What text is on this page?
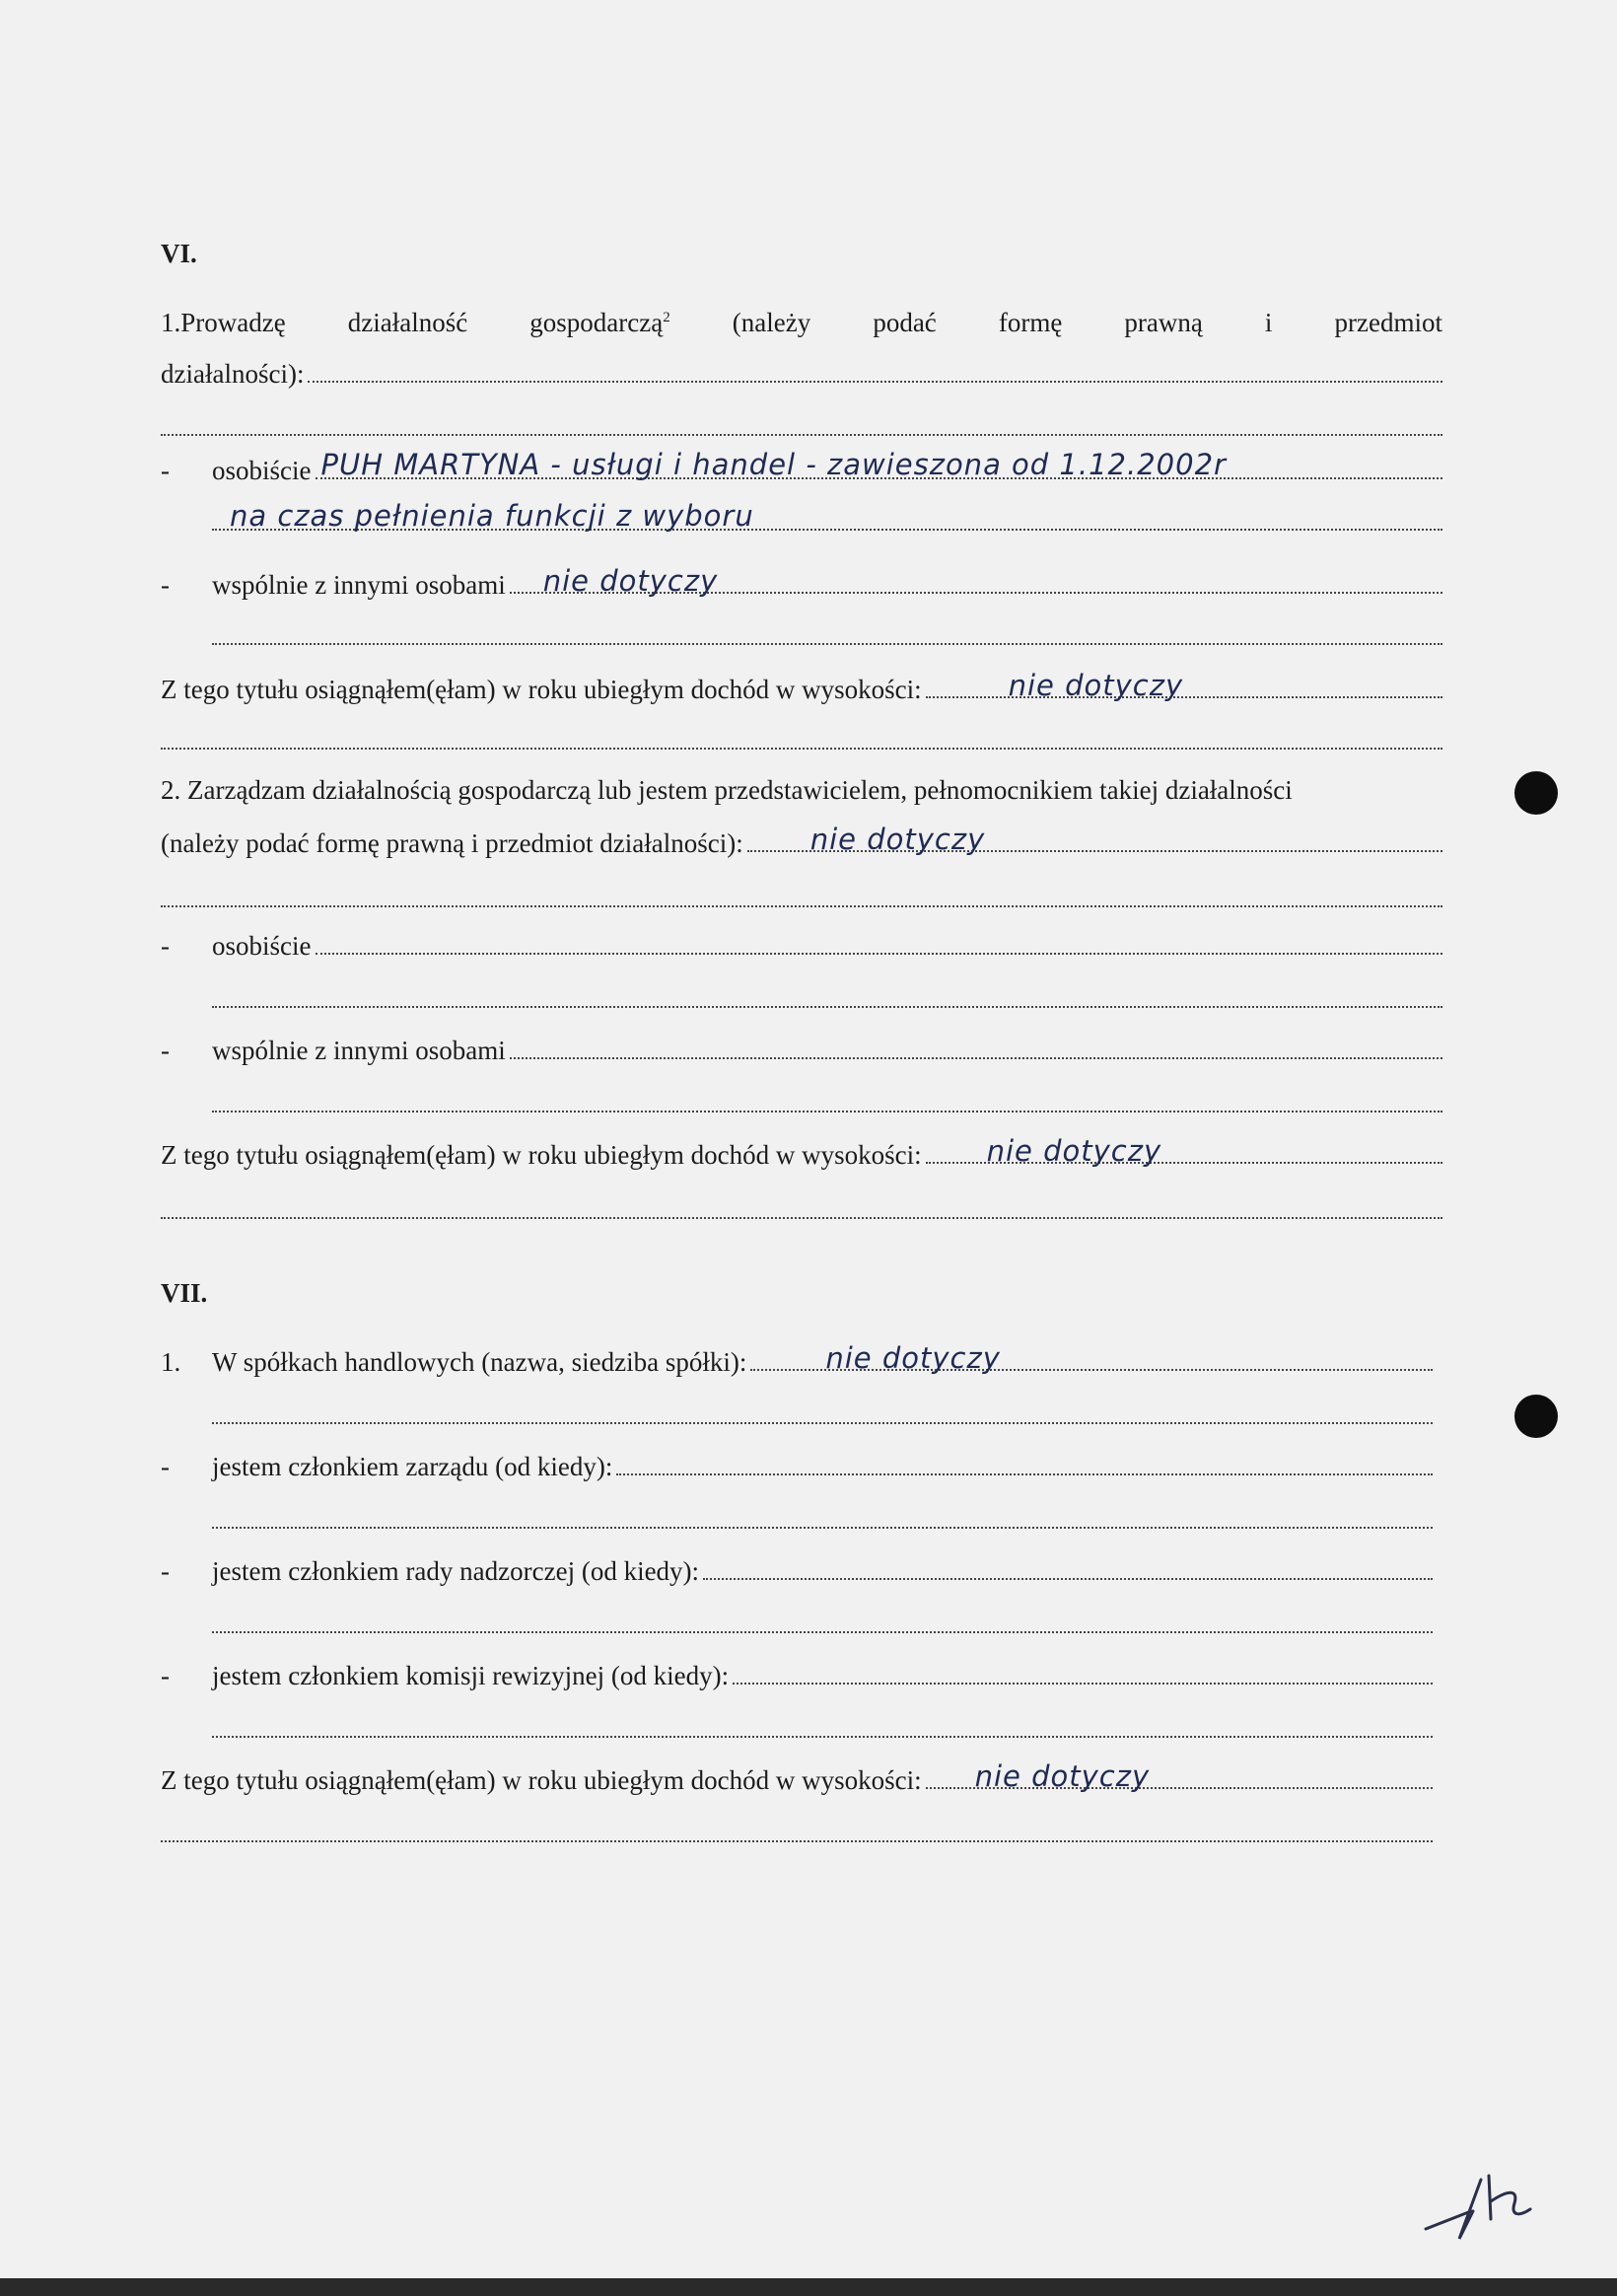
VI.
1.Prowadzę działalność gospodarczą$^2$ (należy podać formę prawną i przedmiot
działalności):
-	osobiście PUH MARTYNA - usługi i handel - zawieszona od 1.12.2002r
na czas pełnienia funkcji z wyboru
-	wspólnie z innymi osobami nie dotyczy
Z tego tytułu osiągnąłem(ęłam) w roku ubiegłym dochód w wysokości:	nie dotyczy
2. Zarządzam działalnością gospodarczą lub jestem przedstawicielem, pełnomocnikiem takiej działalności
(należy podać formę prawną i przedmiot działalności): nie dotyczy
-	osobiście
-	wspólnie z innymi osobami
Z tego tytułu osiągnąłem(ęłam) w roku ubiegłym dochód w wysokości: nie dotyczy
VII.
1.	W spółkach handlowych (nazwa, siedziba spółki):	nie dotyczy
-	jestem członkiem zarządu (od kiedy):
-	jestem członkiem rady nadzorczej (od kiedy):
-	jestem członkiem komisji rewizyjnej (od kiedy):
Z tego tytułu osiągnąłem(ęłam) w roku ubiegłym dochód w wysokości: nie dotyczy
